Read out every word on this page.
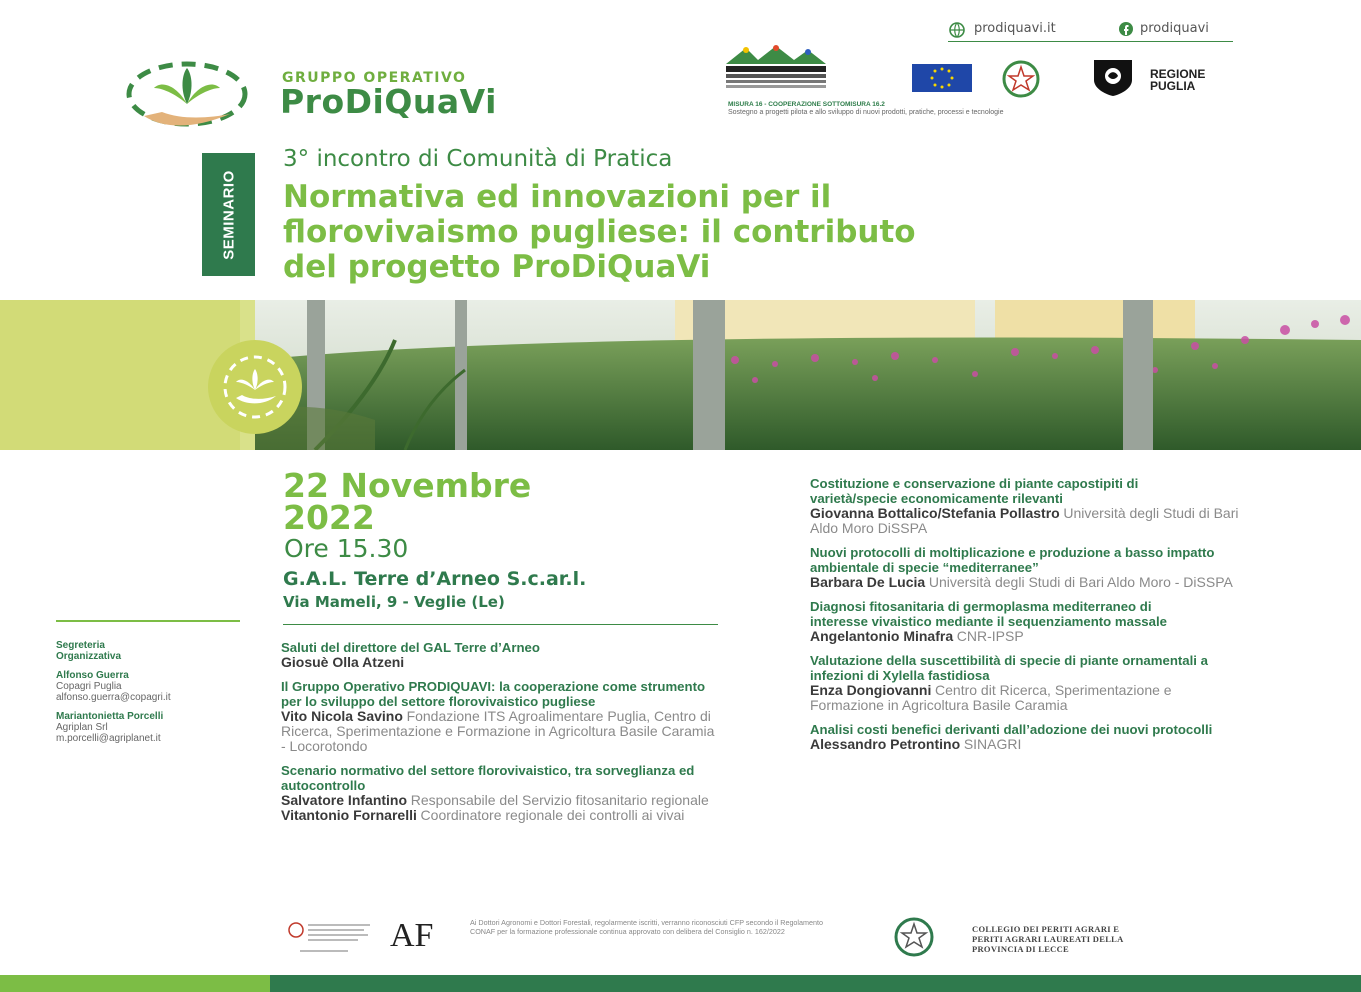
GRUPPO OPERATIVO
ProDiQuaVi
prodiquavi.it	prodiquavi
REGIONE
PUGLIA
MISURA 16 - COOPERAZIONE SOTTOMISURA 16.2
Sostegno a progetti pilota e allo sviluppo di nuovi prodotti, pratiche, processi e tecnologie
SEMINARIO
3° incontro di Comunità di Pratica
Normativa ed innovazioni per il
florovivaismo pugliese: il contributo
del progetto ProDiQuaVi
22 Novembre
2022
Ore 15.30
G.A.L. Terre d’Arneo S.c.ar.l.
Via Mameli, 9 - Veglie (Le)
Segreteria
Organizzativa
Alfonso Guerra
Copagri Puglia
alfonso.guerra@copagri.it
Mariantonietta Porcelli
Agriplan Srl
m.porcelli@agriplanet.it
Saluti del direttore del GAL Terre d’Arneo
Giosuè Olla Atzeni
Il Gruppo Operativo PRODIQUAVI: la cooperazione come strumento per lo sviluppo del settore florovivaistico pugliese
Vito Nicola Savino Fondazione ITS Agroalimentare Puglia, Centro di Ricerca, Sperimentazione e Formazione in Agricoltura Basile Caramia - Locorotondo
Scenario normativo del settore florovivaistico, tra sorveglianza ed autocontrollo
Salvatore Infantino Responsabile del Servizio fitosanitario regionale
Vitantonio Fornarelli Coordinatore regionale dei controlli ai vivai
Costituzione e conservazione di piante capostipiti di varietà/specie economicamente rilevanti
Giovanna Bottalico/Stefania Pollastro Università degli Studi di Bari Aldo Moro DiSSPA
Nuovi protocolli di moltiplicazione e produzione a basso impatto ambientale di specie “mediterranee”
Barbara De Lucia Università degli Studi di Bari Aldo Moro - DiSSPA
Diagnosi fitosanitaria di germoplasma mediterraneo di interesse vivaistico mediante il sequenziamento massale
Angelantonio Minafra CNR-IPSP
Valutazione della suscettibilità di specie di piante ornamentali a infezioni di Xylella fastidiosa
Enza Dongiovanni Centro dit Ricerca, Sperimentazione e Formazione in Agricoltura Basile Caramia
Analisi costi benefici derivanti dall’adozione dei nuovi protocolli
Alessandro Petrontino SINAGRI
AF	Ai Dottori Agronomi e Dottori Forestali, regolarmente iscritti, verranno riconosciuti CFP secondo il Regolamento CONAF per la formazione professionale continua approvato con delibera del Consiglio n. 162/2022	COLLEGIO DEI PERITI AGRARI E
PERITI AGRARI LAUREATI DELLA
PROVINCIA DI LECCE
